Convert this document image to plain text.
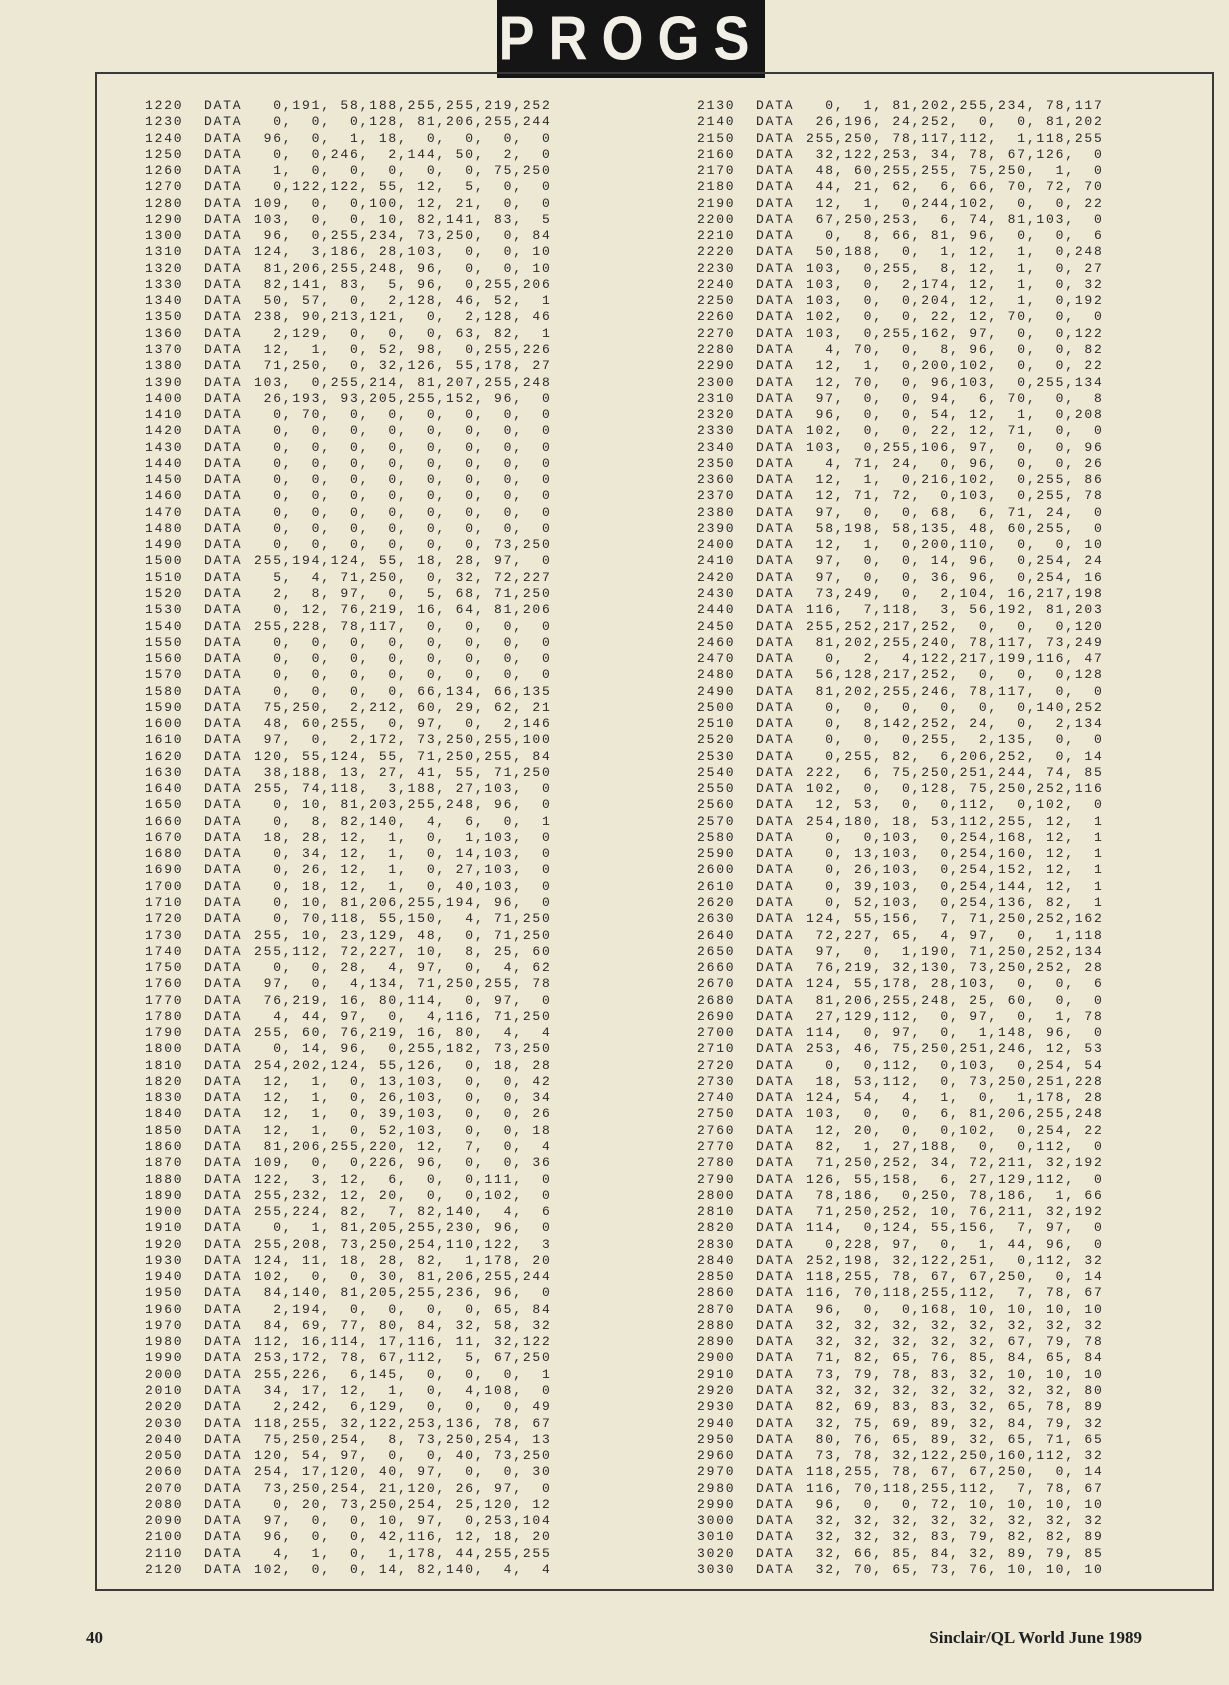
PROGS
1220 DATA  0,191, 58,188,255,255,219,252
1230 DATA  0,  0,  0,128, 81,206,255,244
1240 DATA 96,  0,  1, 18,  0,  0,  0,  0
1250 DATA  0,  0,246,  2,144, 50,  2,  0
1260 DATA  1,  0,  0,  0,  0,  0, 75,250
1270 DATA  0,122,122, 55, 12,  5,  0,  0
1280 DATA 109,  0,  0,100, 12, 21,  0,  0
1290 DATA 103,  0,  0, 10, 82,141, 83,  5
1300 DATA 96,  0,255,234, 73,250,  0, 84
1310 DATA 124,  3,186, 28,103,  0,  0, 10
1320 DATA 81,206,255,248, 96,  0,  0, 10
1330 DATA 82,141, 83,  5, 96,  0,255,206
1340 DATA 50, 57,  0,  2,128, 46, 52,  1
1350 DATA 238, 90,213,121,  0,  2,128, 46
1360 DATA  2,129,  0,  0,  0, 63, 82,  1
1370 DATA 12,  1,  0, 52, 98,  0,255,226
1380 DATA 71,250,  0, 32,126, 55,178, 27
1390 DATA 103,  0,255,214, 81,207,255,248
1400 DATA 26,193, 93,205,255,152, 96,  0
1410 DATA  0, 70,  0,  0,  0,  0,  0,  0
1420 DATA  0,  0,  0,  0,  0,  0,  0,  0
1430 DATA  0,  0,  0,  0,  0,  0,  0,  0
1440 DATA  0,  0,  0,  0,  0,  0,  0,  0
1450 DATA  0,  0,  0,  0,  0,  0,  0,  0
1460 DATA  0,  0,  0,  0,  0,  0,  0,  0
1470 DATA  0,  0,  0,  0,  0,  0,  0,  0
1480 DATA  0,  0,  0,  0,  0,  0,  0,  0
1490 DATA  0,  0,  0,  0,  0,  0, 73,250
1500 DATA 255,194,124, 55, 18, 28, 97,  0
1510 DATA  5,  4, 71,250,  0, 32, 72,227
1520 DATA  2,  8, 97,  0,  5, 68, 71,250
1530 DATA  0, 12, 76,219, 16, 64, 81,206
1540 DATA 255,228, 78,117,  0,  0,  0,  0
1550 DATA  0,  0,  0,  0,  0,  0,  0,  0
1560 DATA  0,  0,  0,  0,  0,  0,  0,  0
1570 DATA  0,  0,  0,  0,  0,  0,  0,  0
1580 DATA  0,  0,  0,  0, 66,134, 66,135
1590 DATA 75,250,  2,212, 60, 29, 62, 21
1600 DATA 48, 60,255,  0, 97,  0,  2,146
1610 DATA 97,  0,  2,172, 73,250,255,100
1620 DATA 120, 55,124, 55, 71,250,255, 84
1630 DATA 38,188, 13, 27, 41, 55, 71,250
1640 DATA 255, 74,118,  3,188, 27,103,  0
1650 DATA  0, 10, 81,203,255,248, 96,  0
1660 DATA  0,  8, 82,140,  4,  6,  0,  1
1670 DATA 18, 28, 12,  1,  0,  1,103,  0
1680 DATA  0, 34, 12,  1,  0, 14,103,  0
1690 DATA  0, 26, 12,  1,  0, 27,103,  0
1700 DATA  0, 18, 12,  1,  0, 40,103,  0
1710 DATA  0, 10, 81,206,255,194, 96,  0
1720 DATA  0, 70,118, 55,150,  4, 71,250
1730 DATA 255, 10, 23,129, 48,  0, 71,250
1740 DATA 255,112, 72,227, 10,  8, 25, 60
1750 DATA  0,  0, 28,  4, 97,  0,  4, 62
1760 DATA 97,  0,  4,134, 71,250,255, 78
1770 DATA 76,219, 16, 80,114,  0, 97,  0
1780 DATA  4, 44, 97,  0,  4,116, 71,250
1790 DATA 255, 60, 76,219, 16, 80,  4,  4
1800 DATA  0, 14, 96,  0,255,182, 73,250
1810 DATA 254,202,124, 55,126,  0, 18, 28
1820 DATA 12,  1,  0, 13,103,  0,  0, 42
1830 DATA 12,  1,  0, 26,103,  0,  0, 34
1840 DATA 12,  1,  0, 39,103,  0,  0, 26
1850 DATA 12,  1,  0, 52,103,  0,  0, 18
1860 DATA 81,206,255,220, 12,  7,  0,  4
1870 DATA 109,  0,  0,226, 96,  0,  0, 36
1880 DATA 122,  3, 12,  6,  0,  0,111,  0
1890 DATA 255,232, 12, 20,  0,  0,102,  0
1900 DATA 255,224, 82,  7, 82,140,  4,  6
1910 DATA  0,  1, 81,205,255,230, 96,  0
1920 DATA 255,208, 73,250,254,110,122,  3
1930 DATA 124, 11, 18, 28, 82,  1,178, 20
1940 DATA 102,  0,  0, 30, 81,206,255,244
1950 DATA 84,140, 81,205,255,236, 96,  0
1960 DATA  2,194,  0,  0,  0,  0, 65, 84
1970 DATA 84, 69, 77, 80, 84, 32, 58, 32
1980 DATA 112, 16,114, 17,116, 11, 32,122
1990 DATA 253,172, 78, 67,112,  5, 67,250
2000 DATA 255,226,  6,145,  0,  0,  0,  1
2010 DATA 34, 17, 12,  1,  0,  4,108,  0
2020 DATA  2,242,  6,129,  0,  0,  0, 49
2030 DATA 118,255, 32,122,253,136, 78, 67
2040 DATA 75,250,254,  8, 73,250,254, 13
2050 DATA 120, 54, 97,  0,  0, 40, 73,250
2060 DATA 254, 17,120, 40, 97,  0,  0, 30
2070 DATA 73,250,254, 21,120, 26, 97,  0
2080 DATA  0, 20, 73,250,254, 25,120, 12
2090 DATA 97,  0,  0, 10, 97,  0,253,104
2100 DATA 96,  0,  0, 42,116, 12, 18, 20
2110 DATA  4,  1,  0,  1,178, 44,255,255
2120 DATA 102,  0,  0, 14, 82,140,  4,  4
2130 DATA  0,  1, 81,202,255,234, 78,117
2140 DATA 26,196, 24,252,  0,  0, 81,202
2150 DATA 255,250, 78,117,112,  1,118,255
2160 DATA 32,122,253, 34, 78, 67,126,  0
2170 DATA 48, 60,255,255, 75,250,  1,  0
2180 DATA 44, 21, 62,  6, 66, 70, 72, 70
2190 DATA 12,  1,  0,244,102,  0,  0, 22
2200 DATA 67,250,253,  6, 74, 81,103,  0
2210 DATA  0,  8, 66, 81, 96,  0,  0,  6
2220 DATA 50,188,  0,  1, 12,  1,  0,248
2230 DATA 103,  0,255,  8, 12,  1,  0, 27
2240 DATA 103,  0,  2,174, 12,  1,  0, 32
2250 DATA 103,  0,  0,204, 12,  1,  0,192
2260 DATA 102,  0,  0, 22, 12, 70,  0,  0
2270 DATA 103,  0,255,162, 97,  0,  0,122
2280 DATA  4, 70,  0,  8, 96,  0,  0, 82
2290 DATA 12,  1,  0,200,102,  0,  0, 22
2300 DATA 12, 70,  0, 96,103,  0,255,134
2310 DATA 97,  0,  0, 94,  6, 70,  0,  8
2320 DATA 96,  0,  0, 54, 12,  1,  0,208
2330 DATA 102,  0,  0, 22, 12, 71,  0,  0
2340 DATA 103,  0,255,106, 97,  0,  0, 96
2350 DATA  4, 71, 24,  0, 96,  0,  0, 26
2360 DATA 12,  1,  0,216,102,  0,255, 86
2370 DATA 12, 71, 72,  0,103,  0,255, 78
2380 DATA 97,  0,  0, 68,  6, 71, 24,  0
2390 DATA 58,198, 58,135, 48, 60,255,  0
2400 DATA 12,  1,  0,200,110,  0,  0, 10
2410 DATA 97,  0,  0, 14, 96,  0,254, 24
2420 DATA 97,  0,  0, 36, 96,  0,254, 16
2430 DATA 73,249,  0,  2,104, 16,217,198
2440 DATA 116,  7,118,  3, 56,192, 81,203
2450 DATA 255,252,217,252,  0,  0,  0,120
2460 DATA 81,202,255,240, 78,117, 73,249
2470 DATA  0,  2,  4,122,217,199,116, 47
2480 DATA 56,128,217,252,  0,  0,  0,128
2490 DATA 81,202,255,246, 78,117,  0,  0
2500 DATA  0,  0,  0,  0,  0,  0,140,252
2510 DATA  0,  8,142,252, 24,  0,  2,134
2520 DATA  0,  0,  0,255,  2,135,  0,  0
2530 DATA  0,255, 82,  6,206,252,  0, 14
2540 DATA 222,  6, 75,250,251,244, 74, 85
2550 DATA 102,  0,  0,128, 75,250,252,116
2560 DATA 12, 53,  0,  0,112,  0,102,  0
2570 DATA 254,180, 18, 53,112,255, 12,  1
2580 DATA  0,  0,103,  0,254,168, 12,  1
2590 DATA  0, 13,103,  0,254,160, 12,  1
2600 DATA  0, 26,103,  0,254,152, 12,  1
2610 DATA  0, 39,103,  0,254,144, 12,  1
2620 DATA  0, 52,103,  0,254,136, 82,  1
2630 DATA 124, 55,156,  7, 71,250,252,162
2640 DATA 72,227, 65,  4, 97,  0,  1,118
2650 DATA 97,  0,  1,190, 71,250,252,134
2660 DATA 76,219, 32,130, 73,250,252, 28
2670 DATA 124, 55,178, 28,103,  0,  0,  6
2680 DATA 81,206,255,248, 25, 60,  0,  0
2690 DATA 27,129,112,  0, 97,  0,  1, 78
2700 DATA 114,  0, 97,  0,  1,148, 96,  0
2710 DATA 253, 46, 75,250,251,246, 12, 53
2720 DATA  0,  0,112,  0,103,  0,254, 54
2730 DATA 18, 53,112,  0, 73,250,251,228
2740 DATA 124, 54,  4,  1,  0,  1,178, 28
2750 DATA 103,  0,  0,  6, 81,206,255,248
2760 DATA 12, 20,  0,  0,102,  0,254, 22
2770 DATA 82,  1, 27,188,  0,  0,112,  0
2780 DATA 71,250,252, 34, 72,211, 32,192
2790 DATA 126, 55,158,  6, 27,129,112,  0
2800 DATA 78,186,  0,250, 78,186,  1, 66
2810 DATA 71,250,252, 10, 76,211, 32,192
2820 DATA 114,  0,124, 55,156,  7, 97,  0
2830 DATA  0,228, 97,  0,  1, 44, 96,  0
2840 DATA 252,198, 32,122,251,  0,112, 32
2850 DATA 118,255, 78, 67, 67,250,  0, 14
2860 DATA 116, 70,118,255,112,  7, 78, 67
2870 DATA 96,  0,  0,168, 10, 10, 10, 10
2880 DATA 32, 32, 32, 32, 32, 32, 32, 32
2890 DATA 32, 32, 32, 32, 32, 67, 79, 78
2900 DATA 71, 82, 65, 76, 85, 84, 65, 84
2910 DATA 73, 79, 78, 83, 32, 10, 10, 10
2920 DATA 32, 32, 32, 32, 32, 32, 32, 80
2930 DATA 82, 69, 83, 83, 32, 65, 78, 89
2940 DATA 32, 75, 69, 89, 32, 84, 79, 32
2950 DATA 80, 76, 65, 89, 32, 65, 71, 65
2960 DATA 73, 78, 32,122,250,160,112, 32
2970 DATA 118,255, 78, 67, 67,250,  0, 14
2980 DATA 116, 70,118,255,112,  7, 78, 67
2990 DATA 96,  0,  0, 72, 10, 10, 10, 10
3000 DATA 32, 32, 32, 32, 32, 32, 32, 32
3010 DATA 32, 32, 32, 83, 79, 82, 82, 89
3020 DATA 32, 66, 85, 84, 32, 89, 79, 85
3030 DATA 32, 70, 65, 73, 76, 10, 10, 10
40	Sinclair/QL World June 1989
